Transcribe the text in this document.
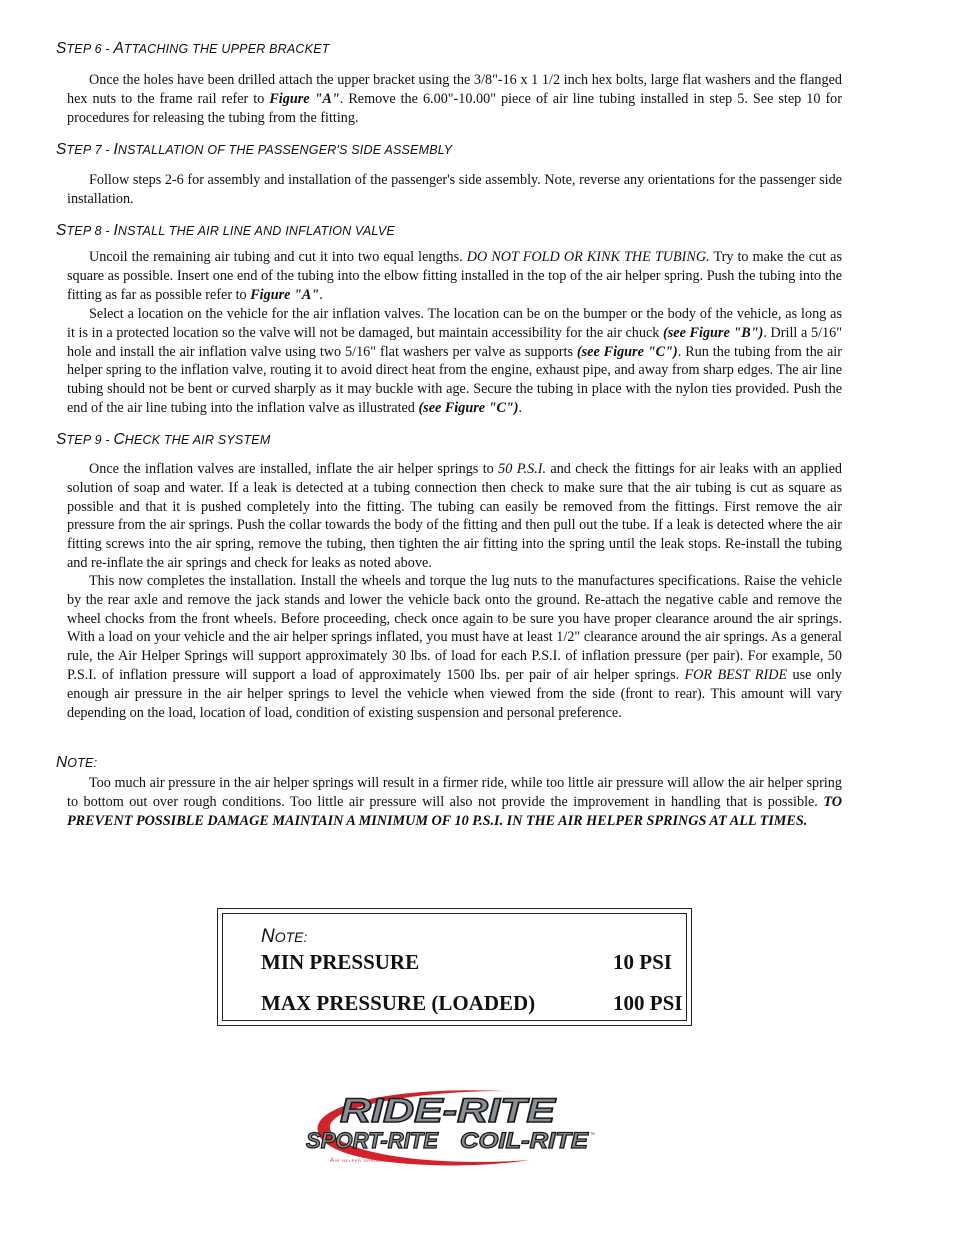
STEP 6 - ATTACHING THE UPPER BRACKET

Once the holes have been drilled attach the upper bracket using the 3/8"-16 x 1 1/2 inch hex bolts, large flat washers and the flanged hex nuts to the frame rail refer to Figure "A". Remove the 6.00"-10.00" piece of air line tubing installed in step 5. See step 10 for procedures for releasing the tubing from the fitting.

STEP 7 - INSTALLATION OF THE PASSENGER'S SIDE ASSEMBLY

Follow steps 2-6 for assembly and installation of the passenger's side assembly. Note, reverse any orientations for the passenger side installation.

STEP 8 - INSTALL THE AIR LINE AND INFLATION VALVE

Uncoil the remaining air tubing and cut it into two equal lengths. DO NOT FOLD OR KINK THE TUBING. Try to make the cut as square as possible. Insert one end of the tubing into the elbow fitting installed in the top of the air helper spring. Push the tubing into the fitting as far as possible refer to Figure "A".

Select a location on the vehicle for the air inflation valves. The location can be on the bumper or the body of the vehicle, as long as it is in a protected location so the valve will not be damaged, but maintain accessibility for the air chuck (see Figure "B"). Drill a 5/16" hole and install the air inflation valve using two 5/16" flat washers per valve as supports (see Figure "C"). Run the tubing from the air helper spring to the inflation valve, routing it to avoid direct heat from the engine, exhaust pipe, and away from sharp edges. The air line tubing should not be bent or curved sharply as it may buckle with age. Secure the tubing in place with the nylon ties provided. Push the end of the air line tubing into the inflation valve as illustrated (see Figure "C").

STEP 9 - CHECK THE AIR SYSTEM

Once the inflation valves are installed, inflate the air helper springs to 50 P.S.I. and check the fittings for air leaks with an applied solution of soap and water. If a leak is detected at a tubing connection then check to make sure that the air tubing is cut as square as possible and that it is pushed completely into the fitting. The tubing can easily be removed from the fittings. First remove the air pressure from the air springs. Push the collar towards the body of the fitting and then pull out the tube. If a leak is detected where the air fitting screws into the air spring, remove the tubing, then tighten the air fitting into the spring until the leak stops. Re-install the tubing and re-inflate the air springs and check for leaks as noted above.

This now completes the installation. Install the wheels and torque the lug nuts to the manufactures specifications. Raise the vehicle by the rear axle and remove the jack stands and lower the vehicle back onto the ground. Re-attach the negative cable and remove the wheel chocks from the front wheels. Before proceeding, check once again to be sure you have proper clearance around the air springs. With a load on your vehicle and the air helper springs inflated, you must have at least 1/2" clearance around the air springs. As a general rule, the Air Helper Springs will support approximately 30 lbs. of load for each P.S.I. of inflation pressure (per pair). For example, 50 P.S.I. of inflation pressure will support a load of approximately 1500 lbs. per pair of air helper springs. FOR BEST RIDE use only enough air pressure in the air helper springs to level the vehicle when viewed from the side (front to rear). This amount will vary depending on the load, location of load, condition of existing suspension and personal preference.

NOTE:

Too much air pressure in the air helper springs will result in a firmer ride, while too little air pressure will allow the air helper spring to bottom out over rough conditions. Too little air pressure will also not provide the improvement in handling that is possible. TO PREVENT POSSIBLE DAMAGE MAINTAIN A MINIMUM OF 10 P.S.I. IN THE AIR HELPER SPRINGS AT ALL TIMES.

NOTE:
MIN PRESSURE	10 PSI
MAX PRESSURE (LOADED)	100 PSI
RIDE-RITE
SPORT-RITE COIL-RITE ™
Air helper springs
